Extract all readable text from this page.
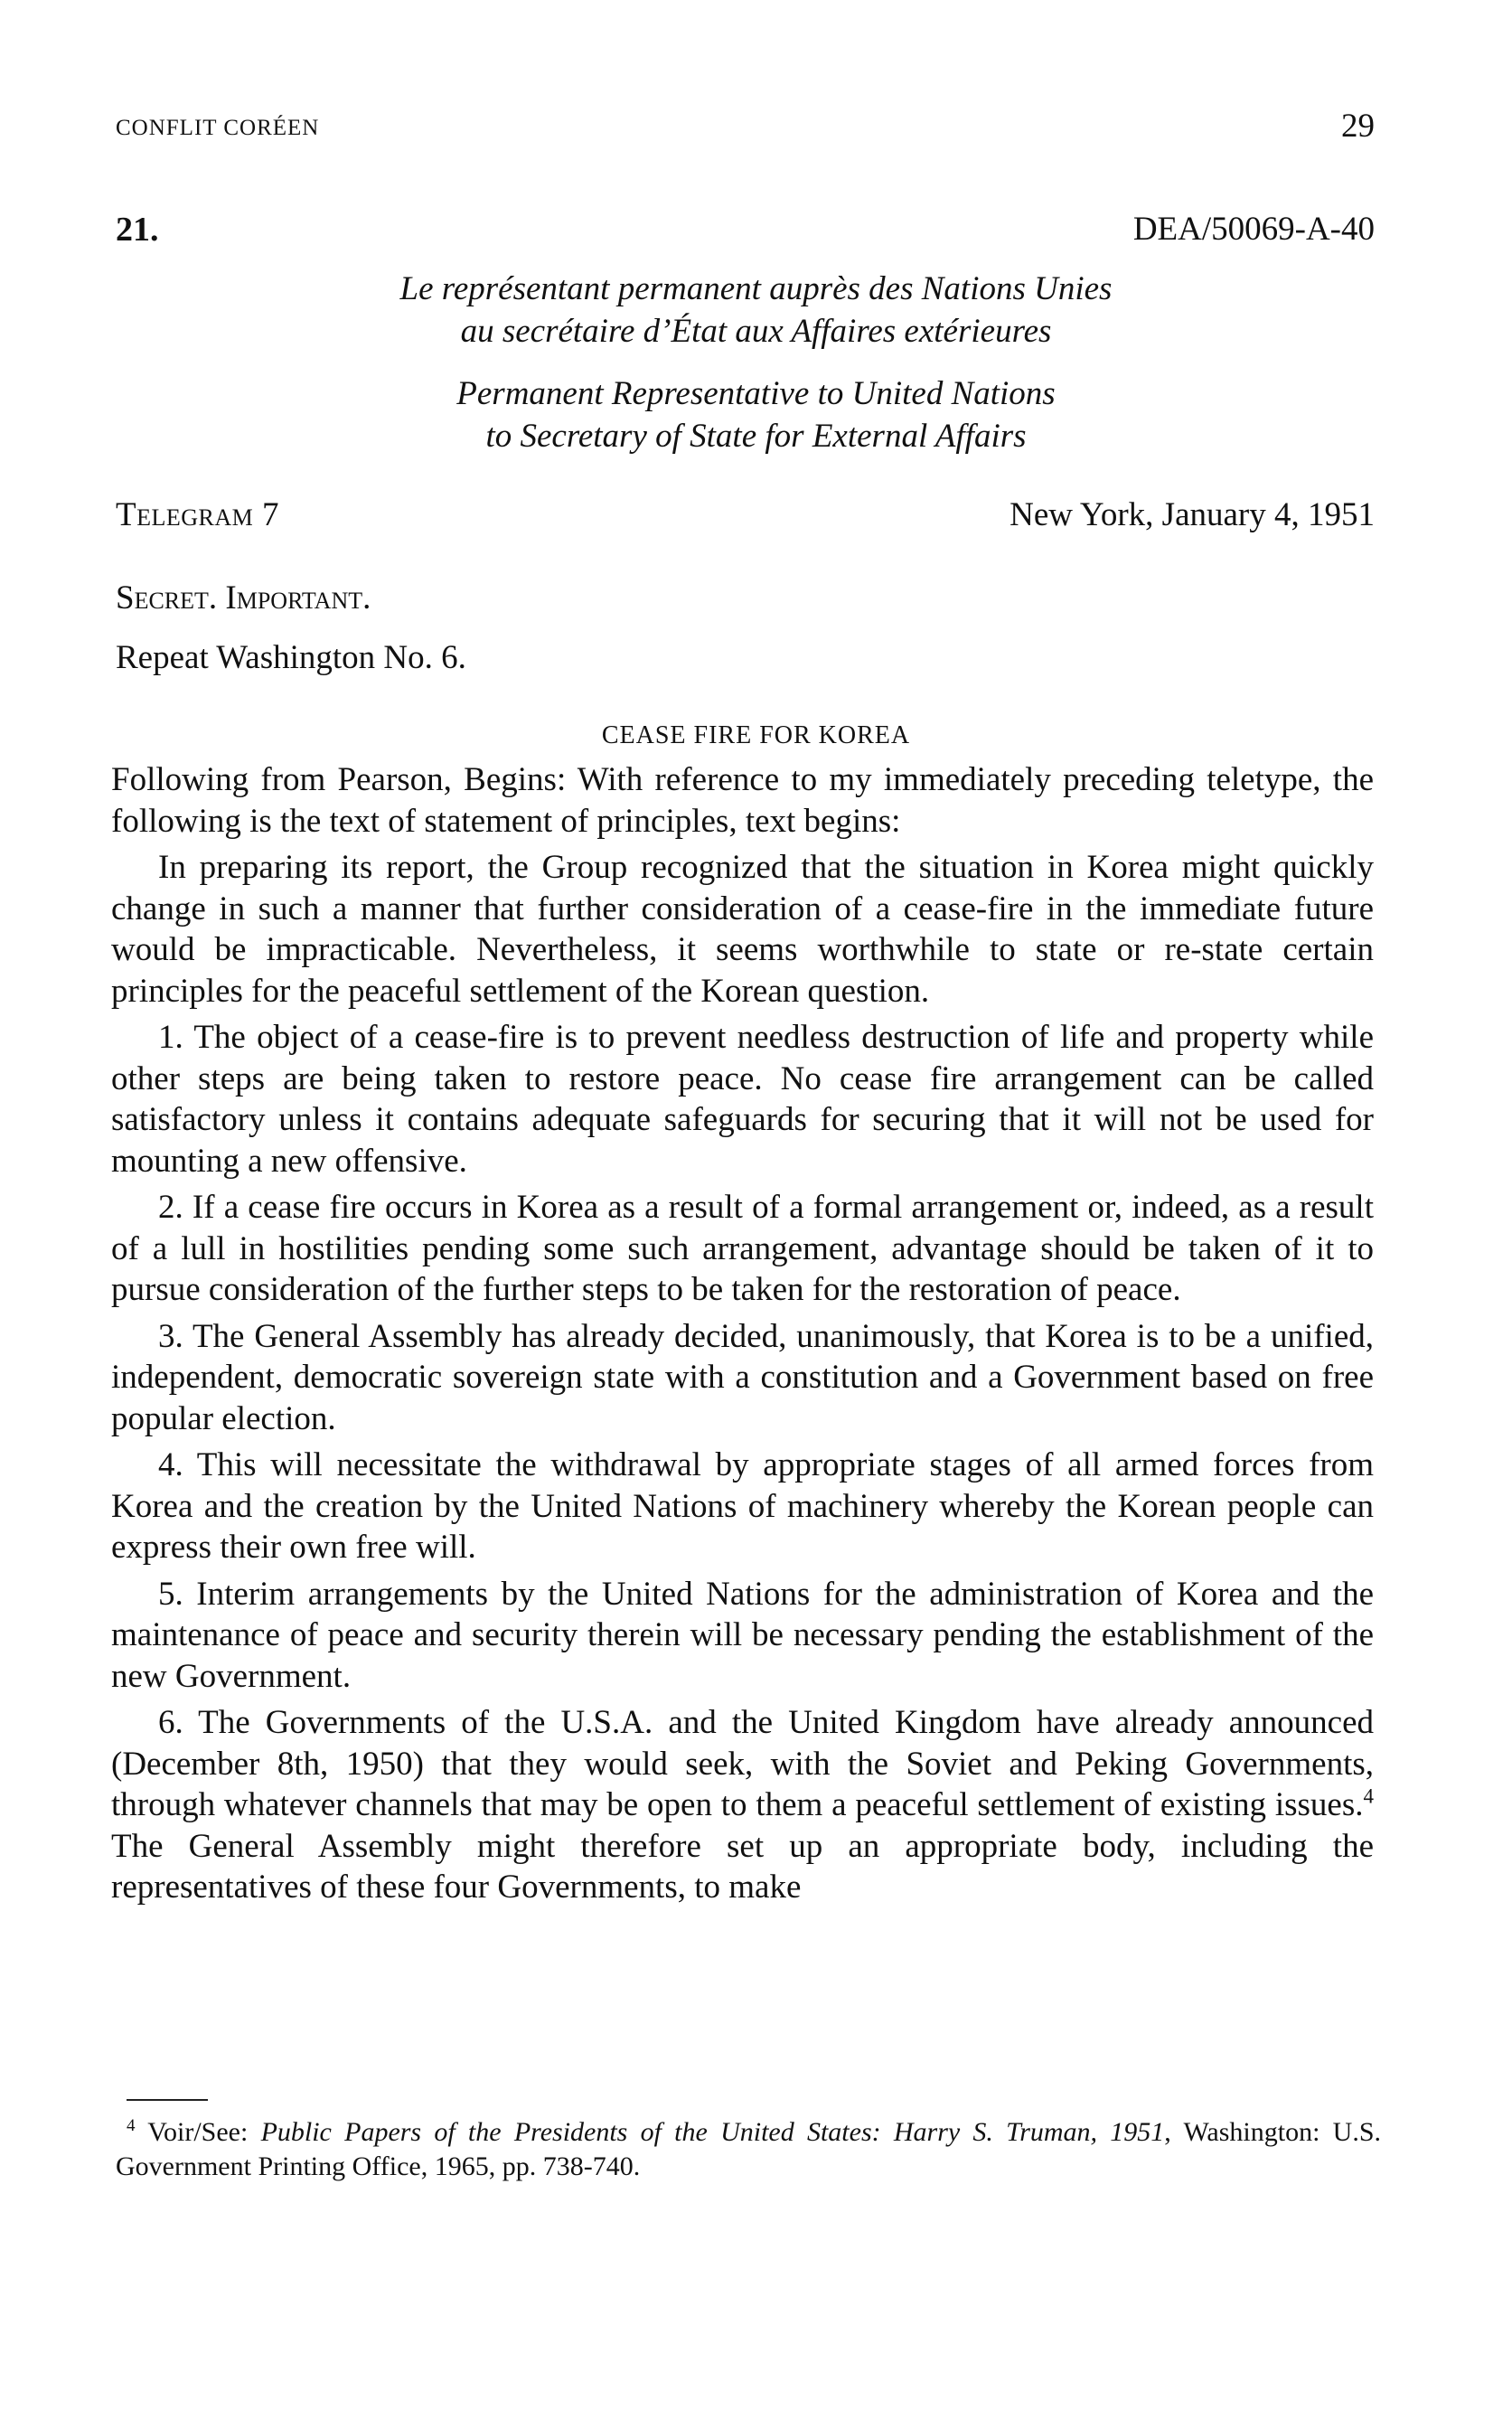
CONFLIT CORÉEN	29
21.	DEA/50069-A-40
Le représentant permanent auprès des Nations Unies
au secrétaire d’État aux Affaires extérieures
Permanent Representative to United Nations
to Secretary of State for External Affairs
Telegram 7	New York, January 4, 1951
Secret. Important.
Repeat Washington No. 6.
CEASE FIRE FOR KOREA

Following from Pearson, Begins: With reference to my immediately preceding teletype, the following is the text of statement of principles, text begins:

In preparing its report, the Group recognized that the situation in Korea might quickly change in such a manner that further consideration of a cease-fire in the immediate future would be impracticable. Nevertheless, it seems worthwhile to state or re-state certain principles for the peaceful settlement of the Korean question.

1. The object of a cease-fire is to prevent needless destruction of life and property while other steps are being taken to restore peace. No cease fire arrangement can be called satisfactory unless it contains adequate safeguards for securing that it will not be used for mounting a new offensive.

2. If a cease fire occurs in Korea as a result of a formal arrangement or, indeed, as a result of a lull in hostilities pending some such arrangement, advantage should be taken of it to pursue consideration of the further steps to be taken for the restoration of peace.

3. The General Assembly has already decided, unanimously, that Korea is to be a unified, independent, democratic sovereign state with a constitution and a Government based on free popular election.

4. This will necessitate the withdrawal by appropriate stages of all armed forces from Korea and the creation by the United Nations of machinery whereby the Korean people can express their own free will.

5. Interim arrangements by the United Nations for the administration of Korea and the maintenance of peace and security therein will be necessary pending the establishment of the new Government.

6. The Governments of the U.S.A. and the United Kingdom have already announced (December 8th, 1950) that they would seek, with the Soviet and Peking Governments, through whatever channels that may be open to them a peaceful settlement of existing issues.$^4$ The General Assembly might therefore set up an appropriate body, including the representatives of these four Governments, to make

$^4$ Voir/See: Public Papers of the Presidents of the United States: Harry S. Truman, 1951, Washington: U.S. Government Printing Office, 1965, pp. 738-740.
